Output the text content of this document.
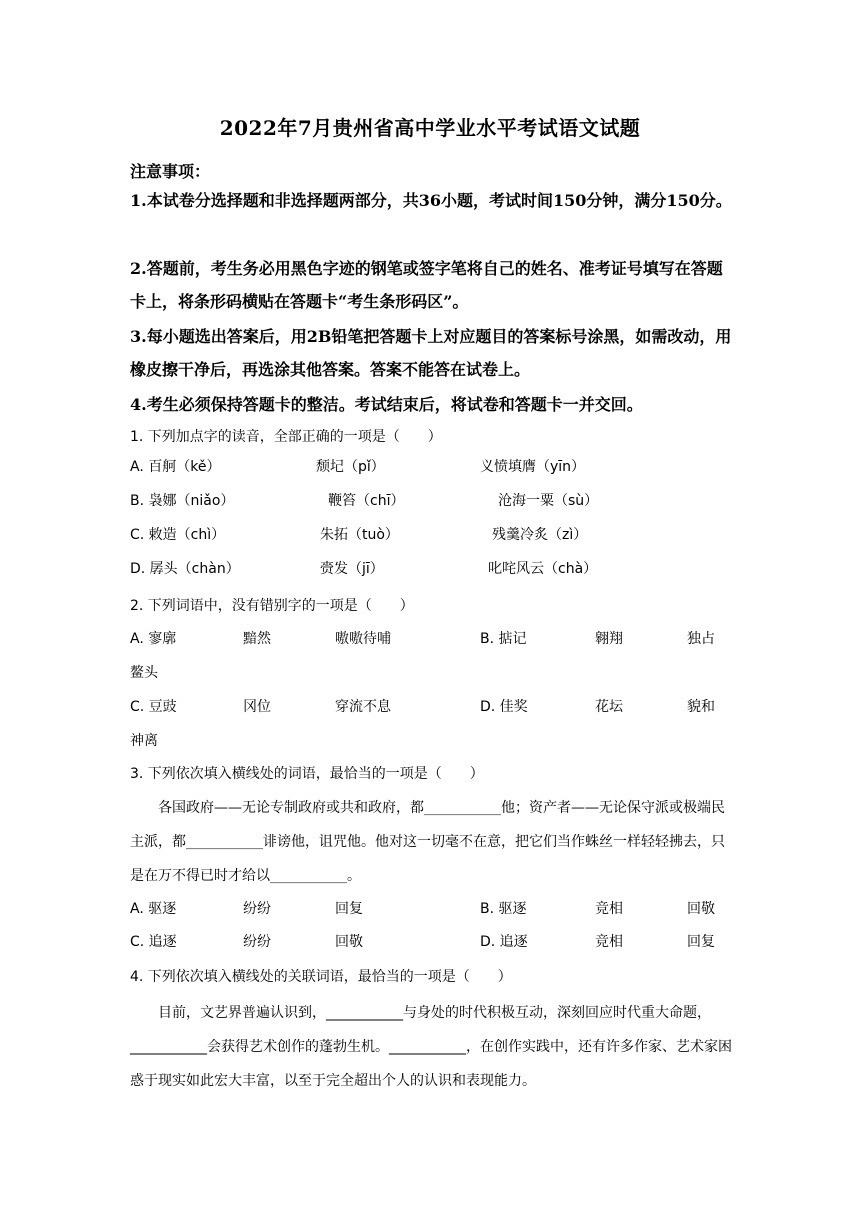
2022年7月贵州省高中学业水平考试语文试题
注意事项：
1.本试卷分选择题和非选择题两部分，共36小题，考试时间150分钟，满分150分。
2.答题前，考生务必用黑色字迹的钢笔或签字笔将自己的姓名、准考证号填写在答题卡上，将条形码横贴在答题卡“考生条形码区”。
3.每小题选出答案后，用2B铅笔把答题卡上对应题目的答案标号涂黑，如需改动，用橡皮擦干净后，再选涂其他答案。答案不能答在试卷上。
4.考生必须保持答题卡的整洁。考试结束后，将试卷和答题卡一并交回。
1. 下列加点字的读音，全部正确的一项是（　　）
A. 百舸（kě）	颓圮（pǐ）	义愤填膺（yīn）
B. 袅娜（niǎo）	鞭笞（chī）	沧海一粟（sù）
C. 敕造（chì）	朱拓（tuò）	残羹冷炙（zì）
D. 孱头（chàn）	赍发（jī）	叱咤风云（chà）
2. 下列词语中，没有错别字的一项是（　　）
A. 寥廓	黯然	嗷嗷待哺	B. 掂记	翱翔	独占
鳌头
C. 豆豉	冈位	穿流不息	D. 佳奖	花坛	貌和
神离
3. 下列依次填入横线处的词语，最恰当的一项是（　　）
各国政府——无论专制政府或共和政府，都___________他；资产者——无论保守派或极端民主派，都___________诽谤他，诅咒他。他对这一切毫不在意，把它们当作蛛丝一样轻轻拂去，只是在万不得已时才给以___________。
A. 驱逐	纷纷	回复	B. 驱逐	竞相	回敬
C. 追逐	纷纷	回敬	D. 追逐	竞相	回复
4. 下列依次填入横线处的关联词语，最恰当的一项是（　　）
目前，文艺界普遍认识到，___________与身处的时代积极互动，深刻回应时代重大命题，___________会获得艺术创作的蓬勃生机。___________，在创作实践中，还有许多作家、艺术家困惑于现实如此宏大丰富，以至于完全超出个人的认识和表现能力。
